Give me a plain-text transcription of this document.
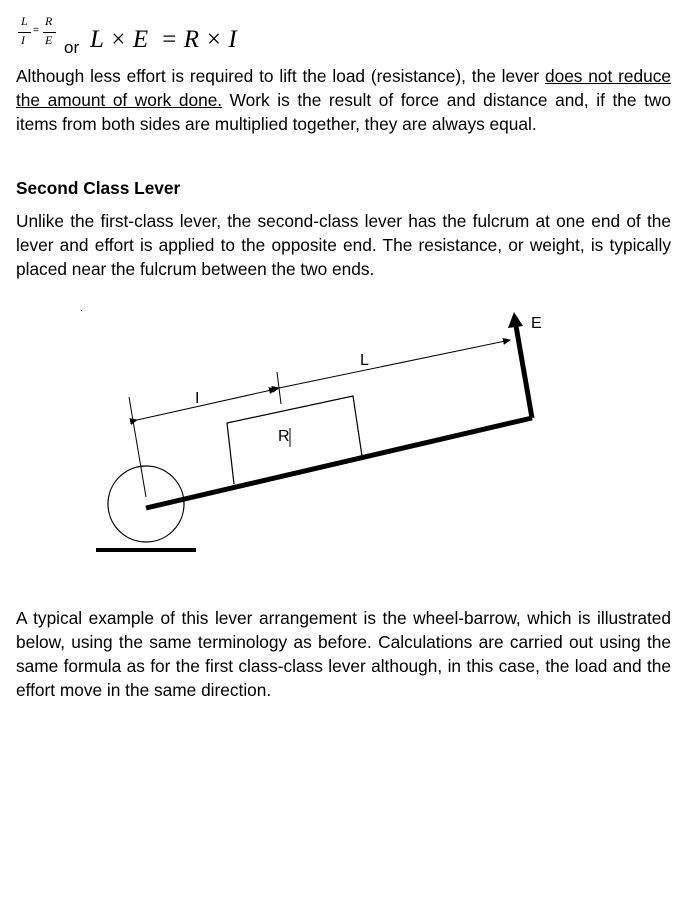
L
I
=
R
E or L × E  = R × I

Although less effort is required to lift the load (resistance), the lever does not reduce the amount of work done. Work is the result of force and distance and, if the two items from both sides are multiplied together, they are always equal.

Second Class Lever

Unlike the first-class lever, the second-class lever has the fulcrum at one end of the lever and effort is applied to the opposite end. The resistance, or weight, is typically placed near the fulcrum between the two ends.

E
R
I
L

A typical example of this lever arrangement is the wheel-barrow, which is illustrated below, using the same terminology as before. Calculations are carried out using the same formula as for the first class-class lever although, in this case, the load and the effort move in the same direction.
